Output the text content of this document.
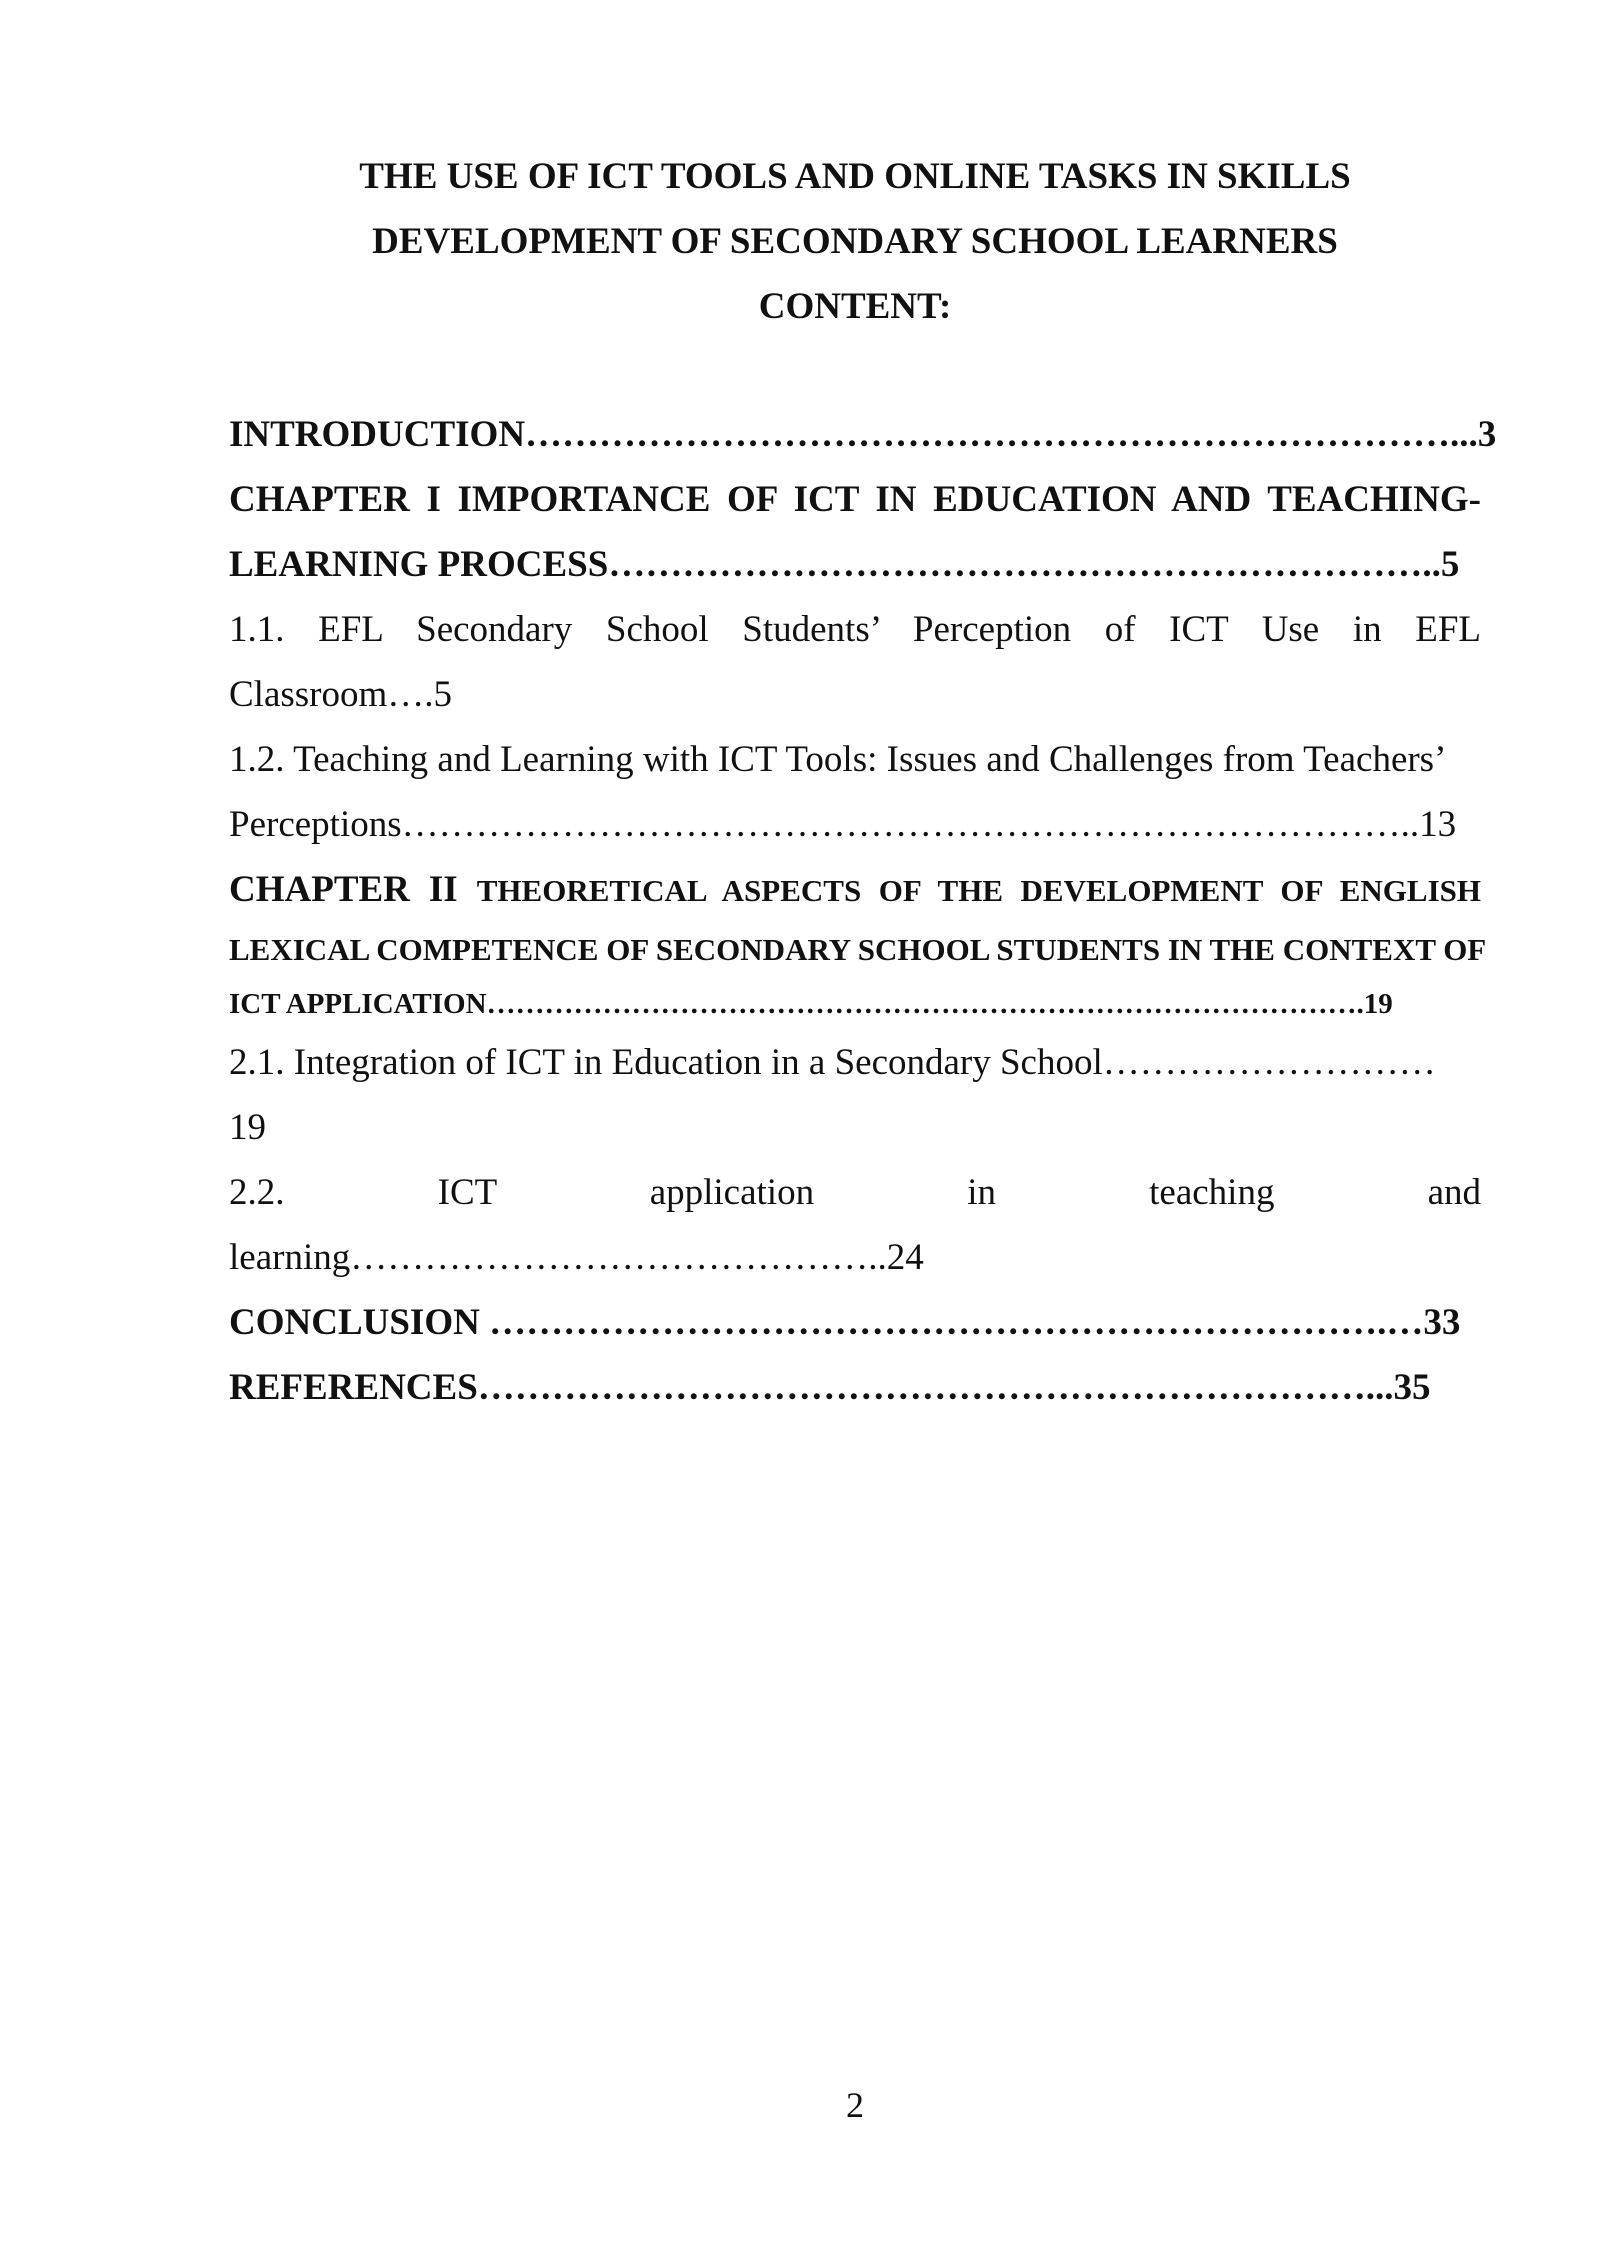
THE USE OF ICT TOOLS AND ONLINE TASKS IN SKILLS
DEVELOPMENT OF SECONDARY SCHOOL LEARNERS
CONTENT:
INTRODUCTION…………………………………………………………………...3
CHAPTER I IMPORTANCE OF ICT IN EDUCATION AND TEACHING-
LEARNING PROCESS…………………………………………………………..5
1.1. EFL Secondary School Students’ Perception of ICT Use in EFL
Classroom….5
1.2. Teaching and Learning with ICT Tools: Issues and Challenges from Teachers’
Perceptions………………………………………………………………………..13
CHAPTER II THEORETICAL ASPECTS OF THE DEVELOPMENT OF ENGLISH
LEXICAL COMPETENCE OF SECONDARY SCHOOL STUDENTS IN THE CONTEXT OF
ICT APPLICATION……………………………………………………………………………….19
2.1. Integration of ICT in Education in a Secondary School………………………
19
2.2. ICT application in teaching and
learning……………………………………..24
CONCLUSION ……………………………………………………………….…33
REFERENCES………………………………………………………………...35
2
